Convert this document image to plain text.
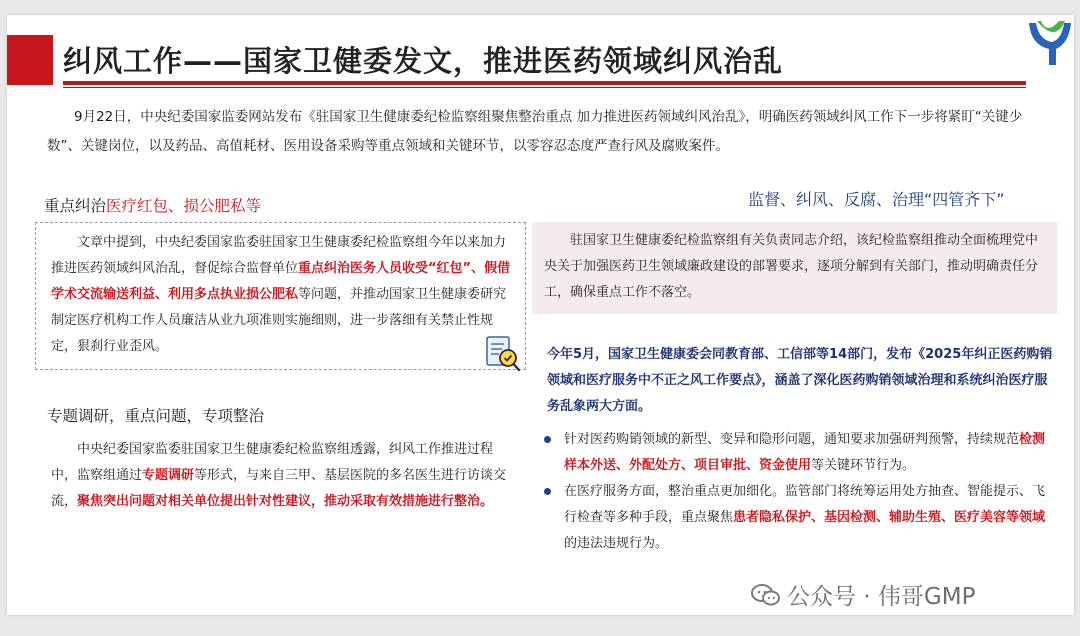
纠风工作——国家卫健委发文，推进医药领域纠风治乱
9月22日，中央纪委国家监委网站发布《驻国家卫生健康委纪检监察组聚焦整治重点 加力推进医药领域纠风治乱》，明确医药领域纠风工作下一步将紧盯“关键少数”、关键岗位，以及药品、高值耗材、医用设备采购等重点领域和关键环节，以零容忍态度严查行风及腐败案件。
重点纠治医疗红包、损公肥私等
文章中提到，中央纪委国家监委驻国家卫生健康委纪检监察组今年以来加力推进医药领域纠风治乱，督促综合监督单位重点纠治医务人员收受“红包”、假借学术交流输送利益、利用多点执业损公肥私等问题，并推动国家卫生健康委研究制定医疗机构工作人员廉洁从业九项准则实施细则，进一步落细有关禁止性规定，狠刹行业歪风。
专题调研，重点问题，专项整治
中央纪委国家监委驻国家卫生健康委纪检监察组透露，纠风工作推进过程中，监察组通过专题调研等形式，与来自三甲、基层医院的多名医生进行访谈交流，聚焦突出问题对相关单位提出针对性建议，推动采取有效措施进行整治。
监督、纠风、反腐、治理“四管齐下”
驻国家卫生健康委纪检监察组有关负责同志介绍，该纪检监察组推动全面梳理党中央关于加强医药卫生领域廉政建设的部署要求，逐项分解到有关部门，推动明确责任分工，确保重点工作不落空。
今年5月，国家卫生健康委会同教育部、工信部等14部门，发布《2025年纠正医药购销领域和医疗服务中不正之风工作要点》，涵盖了深化医药购销领域治理和系统纠治医疗服务乱象两大方面。
针对医药购销领域的新型、变异和隐形问题，通知要求加强研判预警，持续规范检测样本外送、外配处方、项目审批、资金使用等关键环节行为。
在医疗服务方面，整治重点更加细化。监管部门将统筹运用处方抽查、智能提示、飞行检查等多种手段，重点聚焦患者隐私保护、基因检测、辅助生殖、医疗美容等领域的违法违规行为。
公众号 · 伟哥GMP
